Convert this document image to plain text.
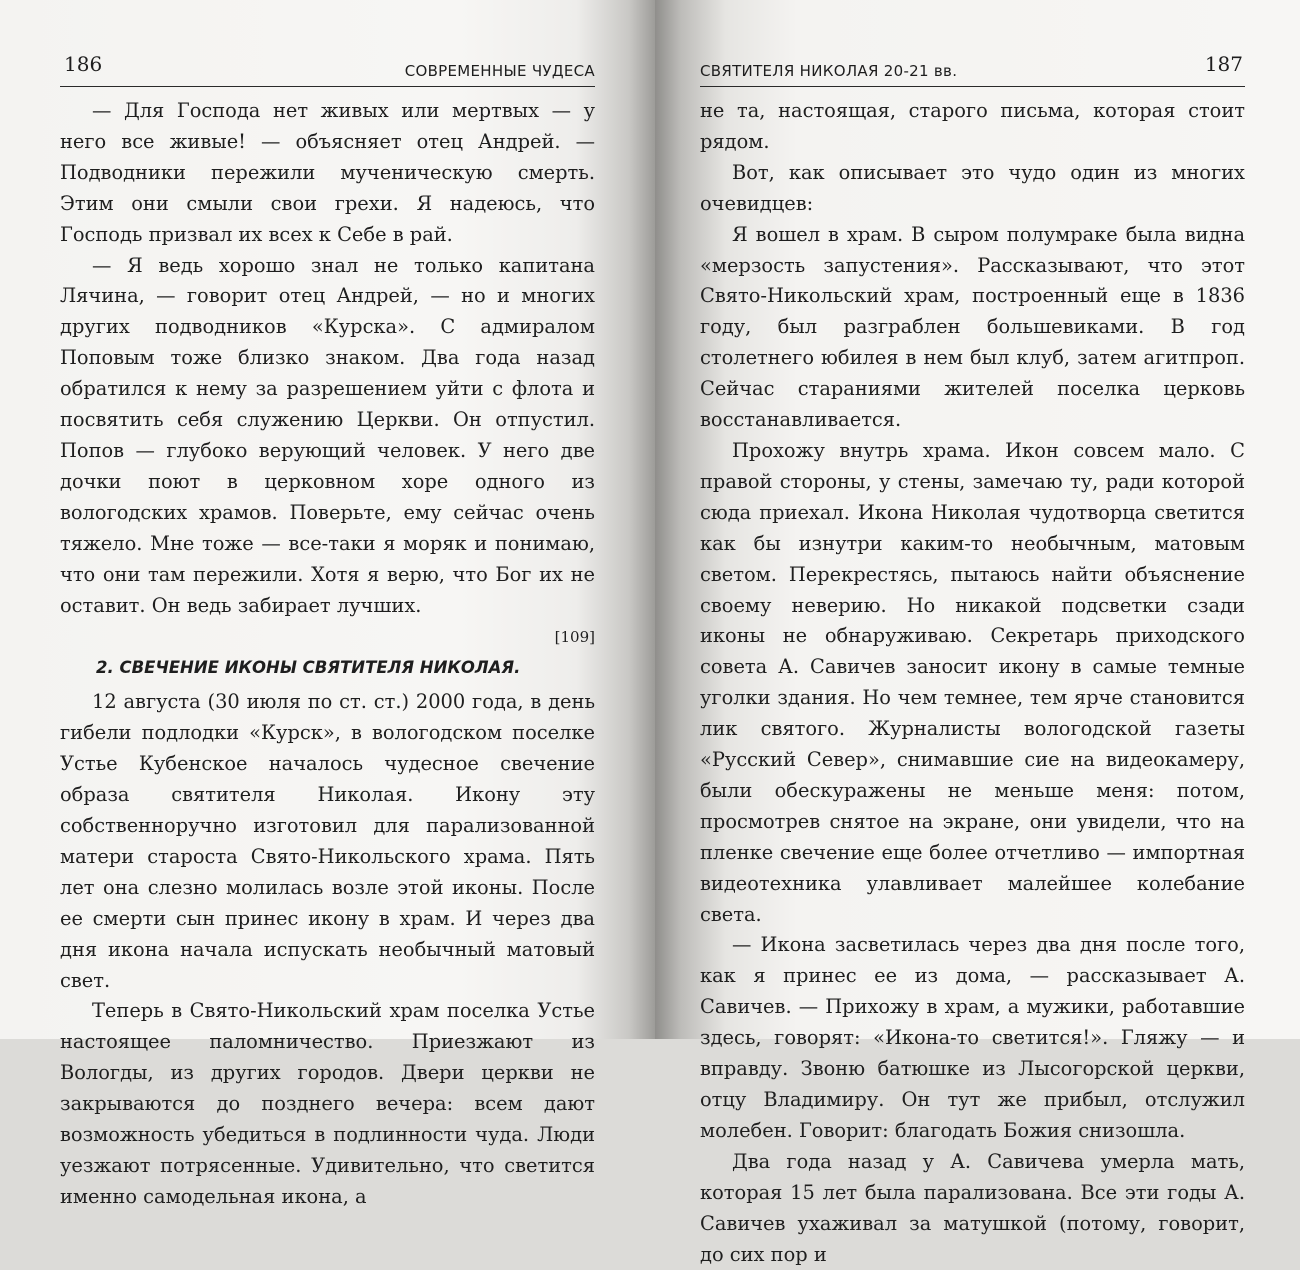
186	СОВРЕМЕННЫЕ ЧУДЕСА

— Для Господа нет живых или мертвых — у него все живые! — объясняет отец Андрей. — Подводники пережили мученическую смерть. Этим они смыли свои грехи. Я надеюсь, что Господь призвал их всех к Себе в рай.

— Я ведь хорошо знал не только капитана Лячина, — говорит отец Андрей, — но и многих других подводников «Курска». С адмиралом Поповым тоже близко знаком. Два года назад обратился к нему за разрешением уйти с флота и посвятить себя служению Церкви. Он отпустил. Попов — глубоко верующий человек. У него две дочки поют в церковном хоре одного из вологодских храмов. Поверьте, ему сейчас очень тяжело. Мне тоже — все-таки я моряк и понимаю, что они там пережили. Хотя я верю, что Бог их не оставит. Он ведь забирает лучших.

[109]
2. СВЕЧЕНИЕ ИКОНЫ СВЯТИТЕЛЯ НИКОЛАЯ.

12 августа (30 июля по ст. ст.) 2000 года, в день гибели подлодки «Курск», в вологодском поселке Устье Кубенское началось чудесное свечение образа святителя Николая. Икону эту собственноручно изготовил для парализованной матери староста Свято-Никольского храма. Пять лет она слезно молилась возле этой иконы. После ее смерти сын принес икону в храм. И через два дня икона начала испускать необычный матовый свет.

Теперь в Свято-Никольский храм поселка Устье настоящее паломничество. Приезжают из Вологды, из других городов. Двери церкви не закрываются до позднего вечера: всем дают возможность убедиться в подлинности чуда. Люди уезжают потрясенные. Удивительно, что светится именно самодельная икона, а

СВЯТИТЕЛЯ НИКОЛАЯ 20-21 вв.	187

не та, настоящая, старого письма, которая стоит рядом.

Вот, как описывает это чудо один из многих очевидцев:

Я вошел в храм. В сыром полумраке была видна «мерзость запустения». Рассказывают, что этот Свято-Никольский храм, построенный еще в 1836 году, был разграблен большевиками. В год столетнего юбилея в нем был клуб, затем агитпроп. Сейчас стараниями жителей поселка церковь восстанавливается.

Прохожу внутрь храма. Икон совсем мало. С правой стороны, у стены, замечаю ту, ради которой сюда приехал. Икона Николая чудотворца светится как бы изнутри каким-то необычным, матовым светом. Перекрестясь, пытаюсь найти объяснение своему неверию. Но никакой подсветки сзади иконы не обнаруживаю. Секретарь приходского совета А. Савичев заносит икону в самые темные уголки здания. Но чем темнее, тем ярче становится лик святого. Журналисты вологодской газеты «Русский Север», снимавшие сие на видеокамеру, были обескуражены не меньше меня: потом, просмотрев снятое на экране, они увидели, что на пленке свечение еще более отчетливо — импортная видеотехника улавливает малейшее колебание света.

— Икона засветилась через два дня после того, как я принес ее из дома, — рассказывает А. Савичев. — Прихожу в храм, а мужики, работавшие здесь, говорят: «Икона-то светится!». Гляжу — и вправду. Звоню батюшке из Лысогорской церкви, отцу Владимиру. Он тут же прибыл, отслужил молебен. Говорит: благодать Божия снизошла.

Два года назад у А. Савичева умерла мать, которая 15 лет была парализована. Все эти годы А. Савичев ухаживал за матушкой (потому, говорит, до сих пор и
